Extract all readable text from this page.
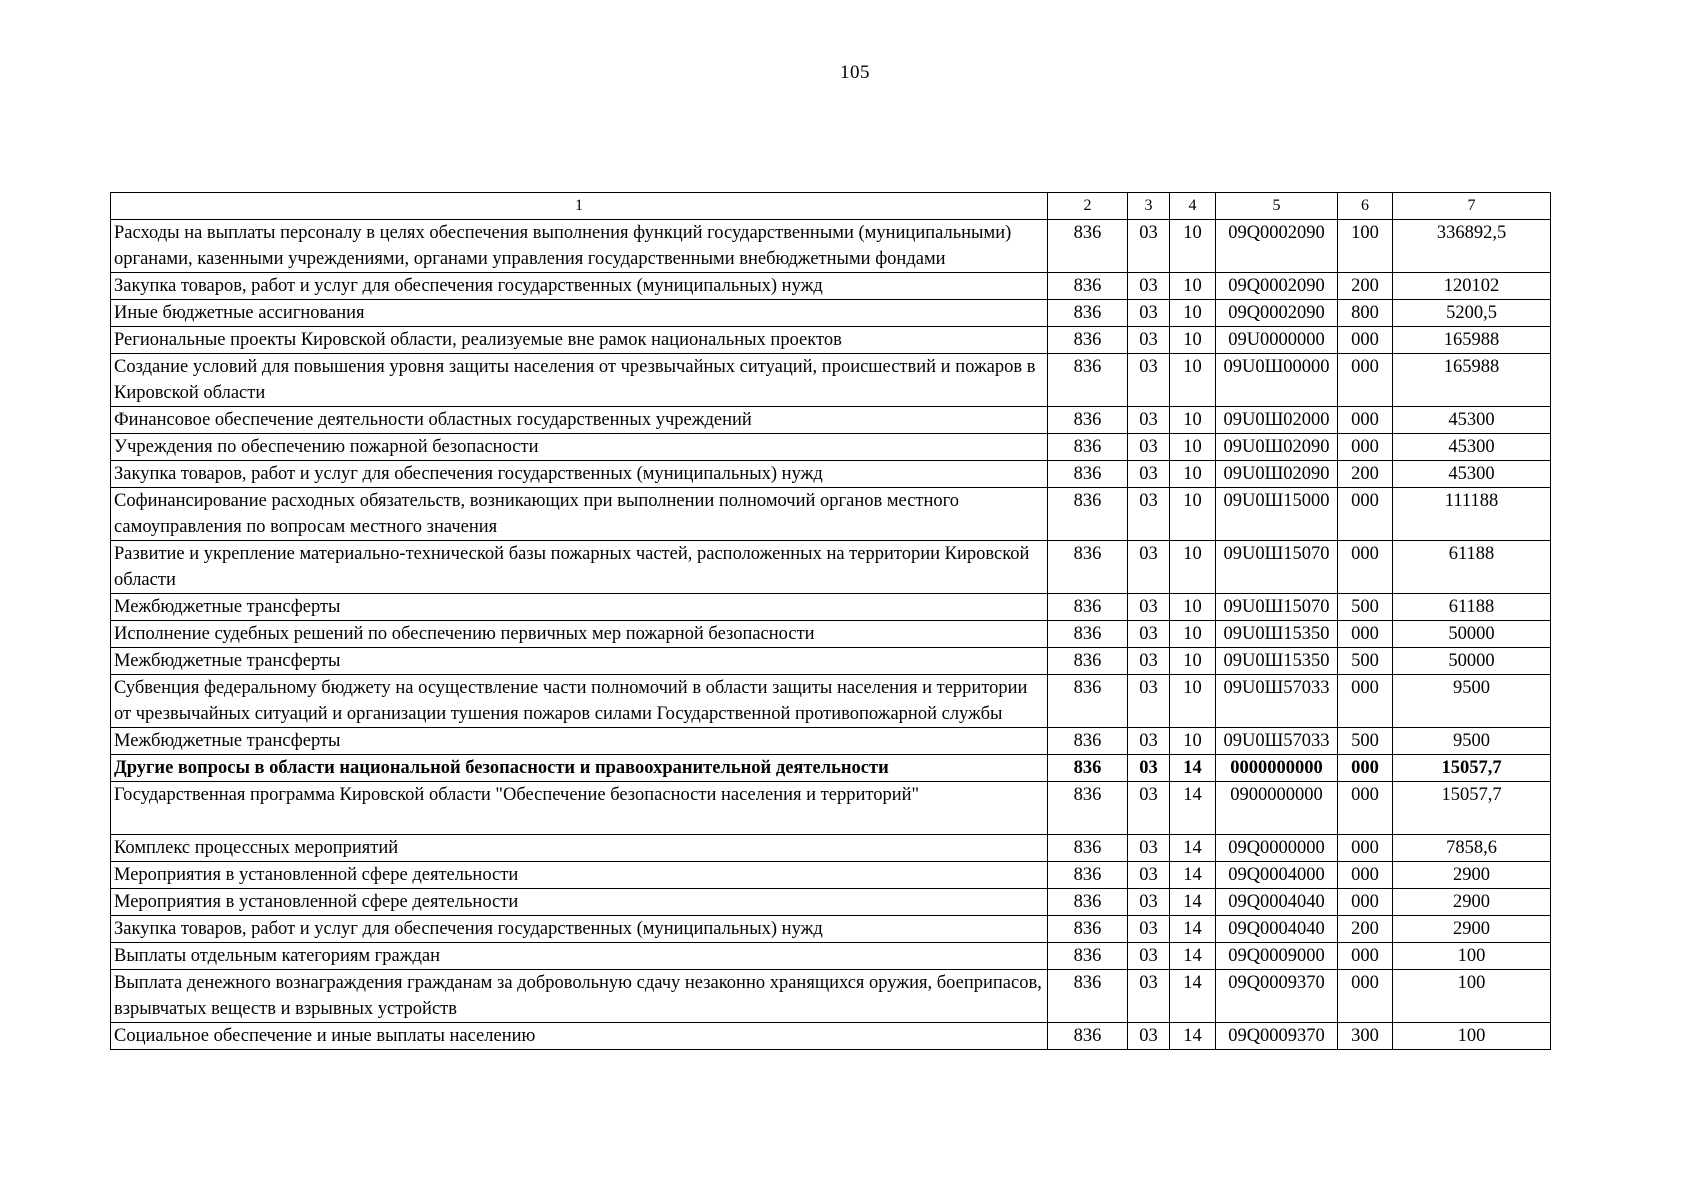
105
1	2	3	4	5	6	7
Расходы на выплаты персоналу в целях обеспечения выполнения функций государственными (муниципальными) органами, казенными учреждениями, органами управления государственными внебюджетными фондами	836	03	10	09Q0002090	100	336892,5
Закупка товаров, работ и услуг для обеспечения государственных (муниципальных) нужд	836	03	10	09Q0002090	200	120102
Иные бюджетные ассигнования	836	03	10	09Q0002090	800	5200,5
Региональные проекты Кировской области, реализуемые вне рамок национальных проектов	836	03	10	09U0000000	000	165988
Создание условий для повышения уровня защиты населения от чрезвычайных ситуаций, происшествий и пожаров в Кировской области	836	03	10	09U0Ш00000	000	165988
Финансовое обеспечение деятельности областных государственных учреждений	836	03	10	09U0Ш02000	000	45300
Учреждения по обеспечению пожарной безопасности	836	03	10	09U0Ш02090	000	45300
Закупка товаров, работ и услуг для обеспечения государственных (муниципальных) нужд	836	03	10	09U0Ш02090	200	45300
Софинансирование расходных обязательств, возникающих при выполнении полномочий органов местного самоуправления по вопросам местного значения	836	03	10	09U0Ш15000	000	111188
Развитие и укрепление материально-технической базы пожарных частей, расположенных на территории Кировской области	836	03	10	09U0Ш15070	000	61188
Межбюджетные трансферты	836	03	10	09U0Ш15070	500	61188
Исполнение судебных решений по обеспечению первичных мер пожарной безопасности	836	03	10	09U0Ш15350	000	50000
Межбюджетные трансферты	836	03	10	09U0Ш15350	500	50000
Субвенция федеральному бюджету на осуществление части полномочий в области защиты населения и территории от чрезвычайных ситуаций и организации тушения пожаров силами Государственной противопожарной службы	836	03	10	09U0Ш57033	000	9500
Межбюджетные трансферты	836	03	10	09U0Ш57033	500	9500
Другие вопросы в области национальной безопасности и правоохранительной деятельности	836	03	14	0000000000	000	15057,7
Государственная программа Кировской области "Обеспечение безопасности населения и территорий"	836	03	14	0900000000	000	15057,7
Комплекс процессных мероприятий	836	03	14	09Q0000000	000	7858,6
Мероприятия в установленной сфере деятельности	836	03	14	09Q0004000	000	2900
Мероприятия в установленной сфере деятельности	836	03	14	09Q0004040	000	2900
Закупка товаров, работ и услуг для обеспечения государственных (муниципальных) нужд	836	03	14	09Q0004040	200	2900
Выплаты отдельным категориям граждан	836	03	14	09Q0009000	000	100
Выплата денежного вознаграждения гражданам за добровольную сдачу незаконно хранящихся оружия, боеприпасов, взрывчатых веществ и взрывных устройств	836	03	14	09Q0009370	000	100
Социальное обеспечение и иные выплаты населению	836	03	14	09Q0009370	300	100
